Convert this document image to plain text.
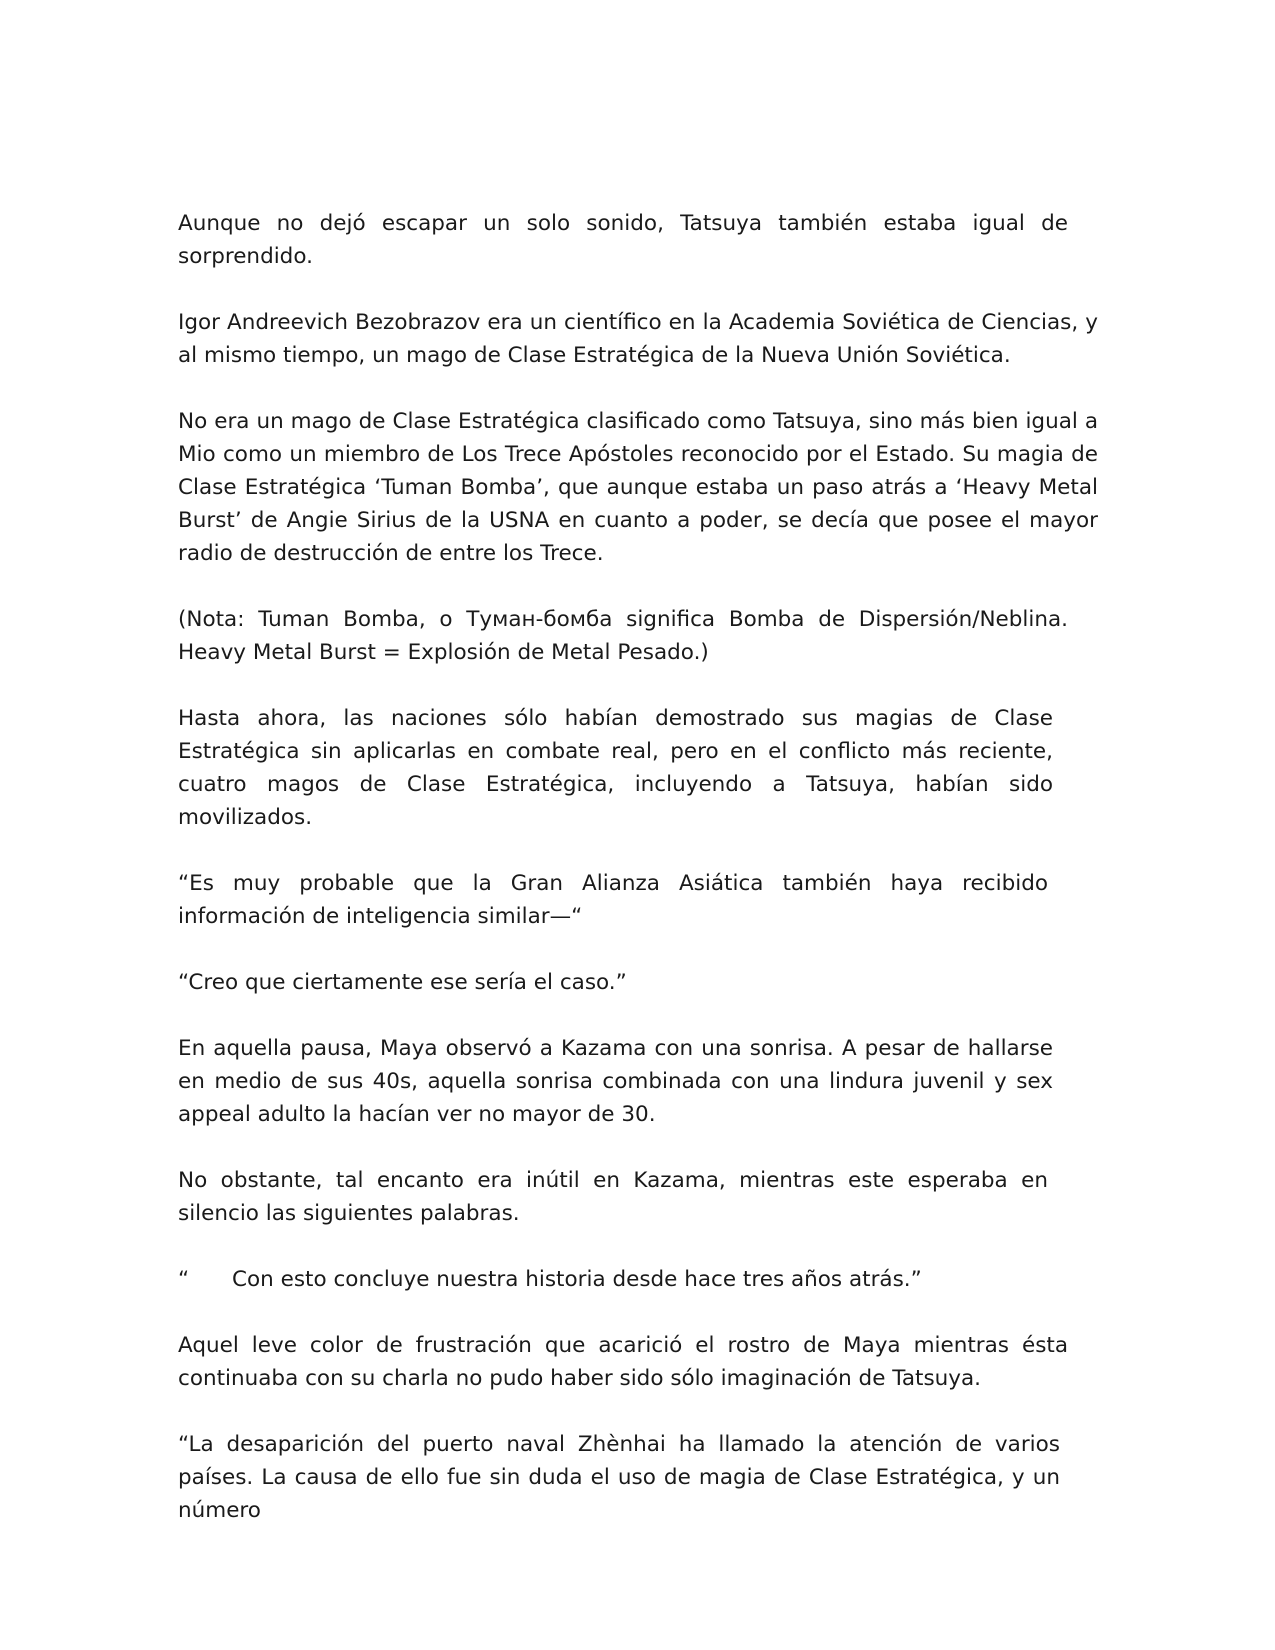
Aunque no dejó escapar un solo sonido, Tatsuya también estaba igual de sorprendido.

Igor Andreevich Bezobrazov era un científico en la Academia Soviética de Ciencias, y al mismo tiempo, un mago de Clase Estratégica de la Nueva Unión Soviética.

No era un mago de Clase Estratégica clasificado como Tatsuya, sino más bien igual a Mio como un miembro de Los Trece Apóstoles reconocido por el Estado. Su magia de Clase Estratégica ‘Tuman Bomba’, que aunque estaba un paso atrás a ‘Heavy Metal Burst’ de Angie Sirius de la USNA en cuanto a poder, se decía que posee el mayor radio de destrucción de entre los Trece.

(Nota: Tuman Bomba, o Туман-бомба significa Bomba de Dispersión/Neblina. Heavy Metal Burst = Explosión de Metal Pesado.)

Hasta ahora, las naciones sólo habían demostrado sus magias de Clase Estratégica sin aplicarlas en combate real, pero en el conflicto más reciente, cuatro magos de Clase Estratégica, incluyendo a Tatsuya, habían sido movilizados.

“Es muy probable que la Gran Alianza Asiática también haya recibido información de inteligencia similar—“

“Creo que ciertamente ese sería el caso.”

En aquella pausa, Maya observó a Kazama con una sonrisa. A pesar de hallarse en medio de sus 40s, aquella sonrisa combinada con una lindura juvenil y sex appeal adulto la hacían ver no mayor de 30.

No obstante, tal encanto era inútil en Kazama, mientras este esperaba en silencio las siguientes palabras.

“ Con esto concluye nuestra historia desde hace tres años atrás.”

Aquel leve color de frustración que acarició el rostro de Maya mientras ésta continuaba con su charla no pudo haber sido sólo imaginación de Tatsuya.

“La desaparición del puerto naval Zhènhai ha llamado la atención de varios países. La causa de ello fue sin duda el uso de magia de Clase Estratégica, y un número
